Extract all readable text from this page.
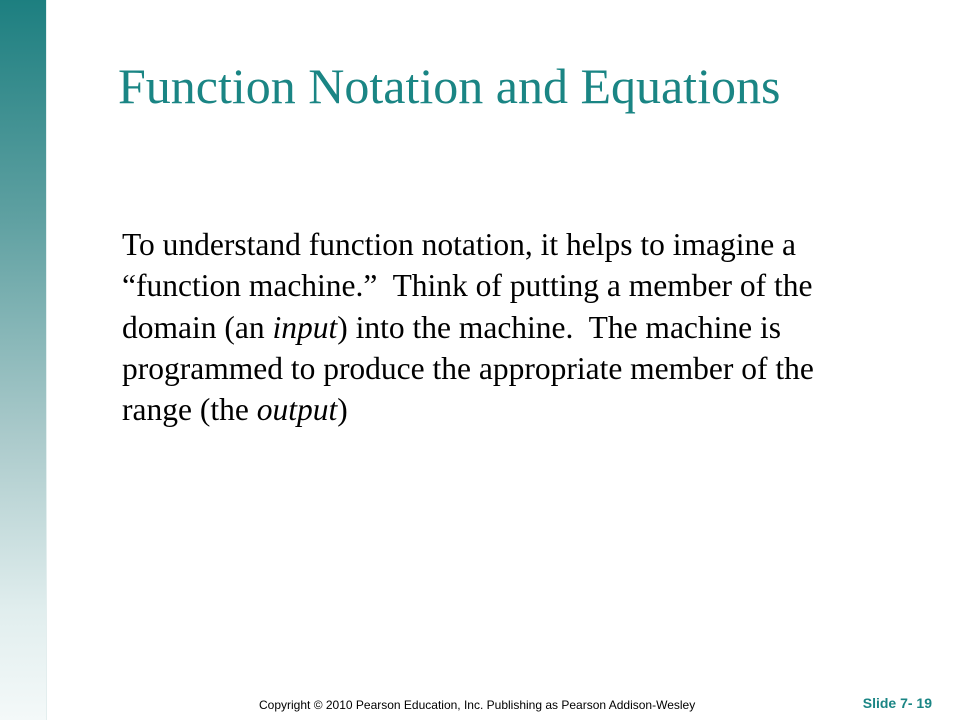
Function Notation and Equations

To understand function notation, it helps to imagine a “function machine.”  Think of putting a member of the domain (an input) into the machine.  The machine is programmed to produce the appropriate member of the range (the output)

Copyright © 2010 Pearson Education, Inc. Publishing as Pearson Addison-Wesley	Slide 7- 19
